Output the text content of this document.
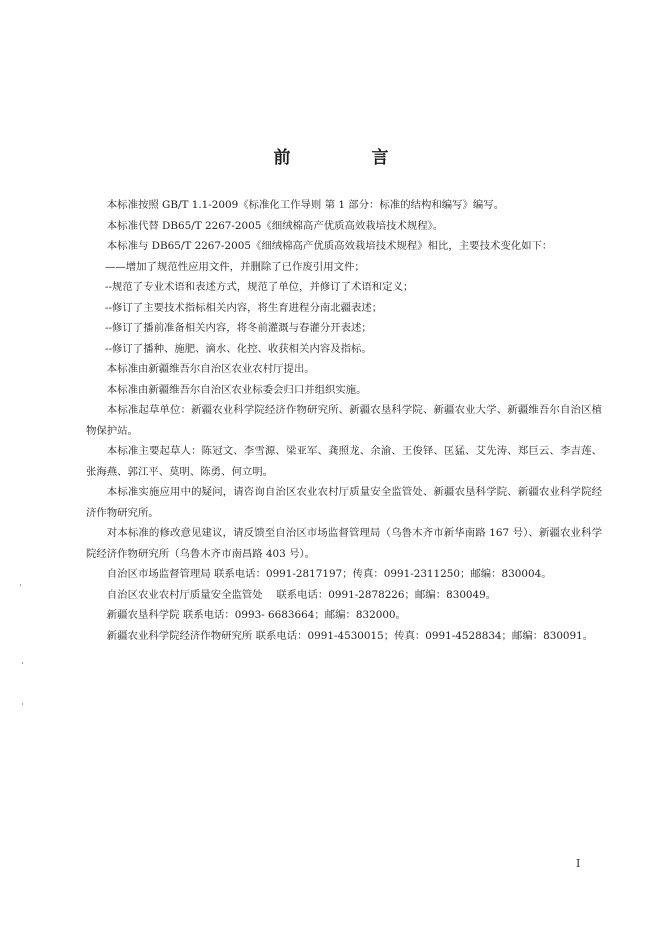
前　言

本标准按照 GB/T 1.1-2009《标准化工作导则 第 1 部分：标准的结构和编写》编写。

本标准代替 DB65/T 2267-2005《细绒棉高产优质高效栽培技术规程》。

本标准与 DB65/T 2267-2005《细绒棉高产优质高效栽培技术规程》相比，主要技术变化如下：

——增加了规范性应用文件，并删除了已作废引用文件；

--规范了专业术语和表述方式，规范了单位，并修订了术语和定义；

--修订了主要技术指标相关内容，将生育进程分南北疆表述；

--修订了播前准备相关内容，将冬前灌溉与春灌分开表述；

--修订了播种、施肥、滴水、化控、收获相关内容及指标。

本标准由新疆维吾尔自治区农业农村厅提出。

本标准由新疆维吾尔自治区农业标委会归口并组织实施。

本标准起草单位：新疆农业科学院经济作物研究所、新疆农垦科学院、新疆农业大学、新疆维吾尔自治区植物保护站。

本标准主要起草人：陈冠文、李雪源、梁亚军、龚照龙、余渝、王俊铎、匡猛、艾先涛、郑巨云、李吉莲、张海燕、郭江平、莫明、陈勇、何立明。

本标准实施应用中的疑问，请咨询自治区农业农村厅质量安全监管处、新疆农垦科学院、新疆农业科学院经济作物研究所。

对本标准的修改意见建议，请反馈至自治区市场监督管理局（乌鲁木齐市新华南路 167 号）、新疆农业科学院经济作物研究所（乌鲁木齐市南昌路 403 号）。

自治区市场监督管理局 联系电话：0991-2817197；传真：0991-2311250；邮编：830004。

自治区农业农村厅质量安全监管处　 联系电话：0991-2878226；邮编：830049。

新疆农垦科学院 联系电话：0993- 6683664；邮编：832000。

新疆农业科学院经济作物研究所 联系电话：0991-4530015；传真：0991-4528834；邮编：830091。

I
